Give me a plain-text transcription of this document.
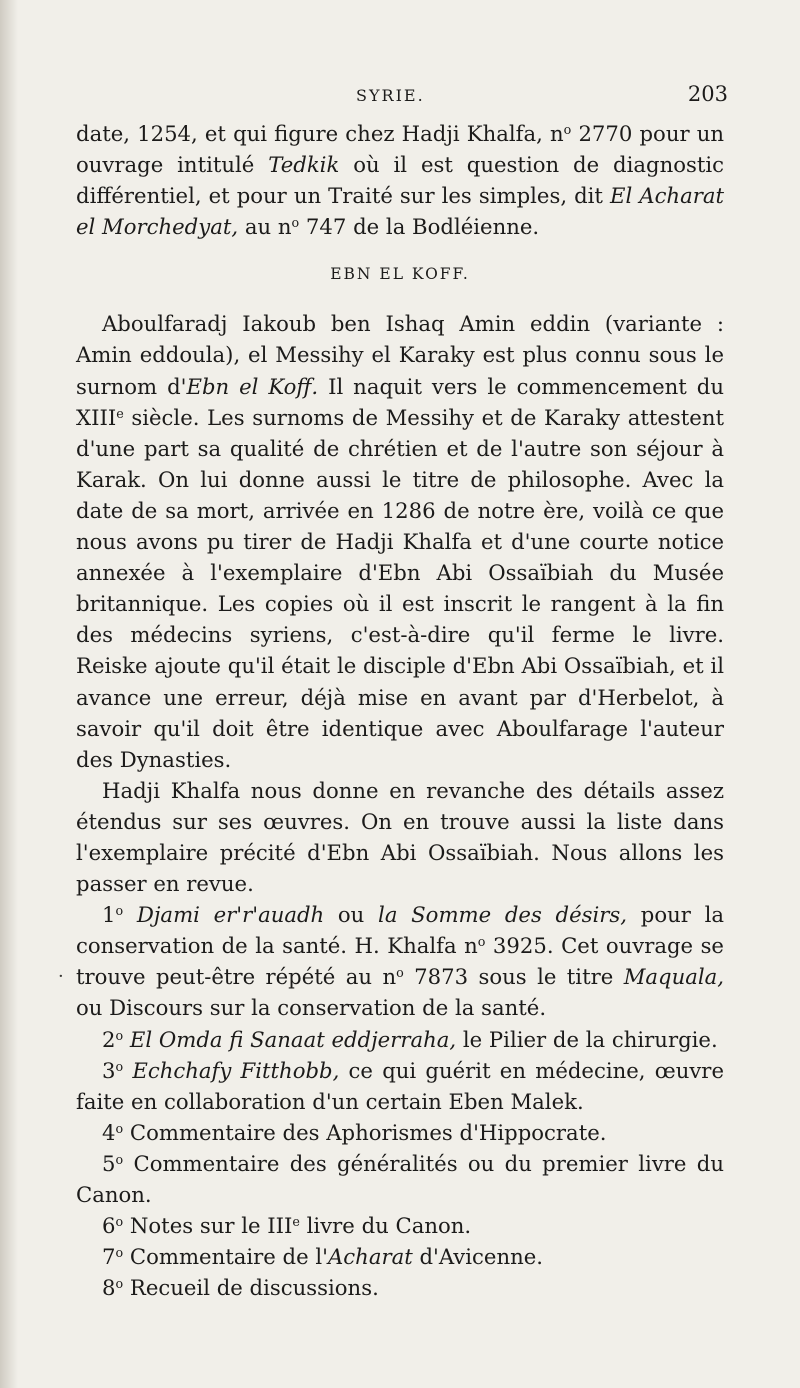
SYRIE.	203
·

date, 1254, et qui figure chez Hadji Khalfa, $n^o$ 2770 pour un ouvrage intitulé Tedkik où il est question de diagnostic différentiel, et pour un Traité sur les simples, dit El Acharat el Morchedyat, au $n^o$ 747 de la Bodléienne.

EBN EL KOFF.

Aboulfaradj Iakoub ben Ishaq Amin eddin (variante : Amin eddoula), el Messihy el Karaky est plus connu sous le surnom d'Ebn el Koff. Il naquit vers le commencement du XIIIe siècle. Les surnoms de Messihy et de Karaky attestent d'une part sa qualité de chrétien et de l'autre son séjour à Karak. On lui donne aussi le titre de philosophe. Avec la date de sa mort, arrivée en 1286 de notre ère, voilà ce que nous avons pu tirer de Hadji Khalfa et d'une courte notice annexée à l'exemplaire d'Ebn Abi Ossaïbiah du Musée britannique. Les copies où il est inscrit le rangent à la fin des médecins syriens, c'est-à-dire qu'il ferme le livre. Reiske ajoute qu'il était le disciple d'Ebn Abi Ossaïbiah, et il avance une erreur, déjà mise en avant par d'Herbelot, à savoir qu'il doit être identique avec Aboulfarage l'auteur des Dynasties.

Hadji Khalfa nous donne en revanche des détails assez étendus sur ses œuvres. On en trouve aussi la liste dans l'exemplaire précité d'Ebn Abi Ossaïbiah. Nous allons les passer en revue.

1$^o$ Djami er'r'auadh ou la Somme des désirs, pour la conservation de la santé. H. Khalfa $n^o$ 3925. Cet ouvrage se trouve peut-être répété au $n^o$ 7873 sous le titre Maquala, ou Discours sur la conservation de la santé.

2$^o$ El Omda fi Sanaat eddjerraha, le Pilier de la chirurgie.

3$^o$ Echchafy Fitthobb, ce qui guérit en médecine, œuvre faite en collaboration d'un certain Eben Malek.

4$^o$ Commentaire des Aphorismes d'Hippocrate.

5$^o$ Commentaire des généralités ou du premier livre du Canon.

6$^o$ Notes sur le IIIe livre du Canon.

7$^o$ Commentaire de l'Acharat d'Avicenne.

8$^o$ Recueil de discussions.
